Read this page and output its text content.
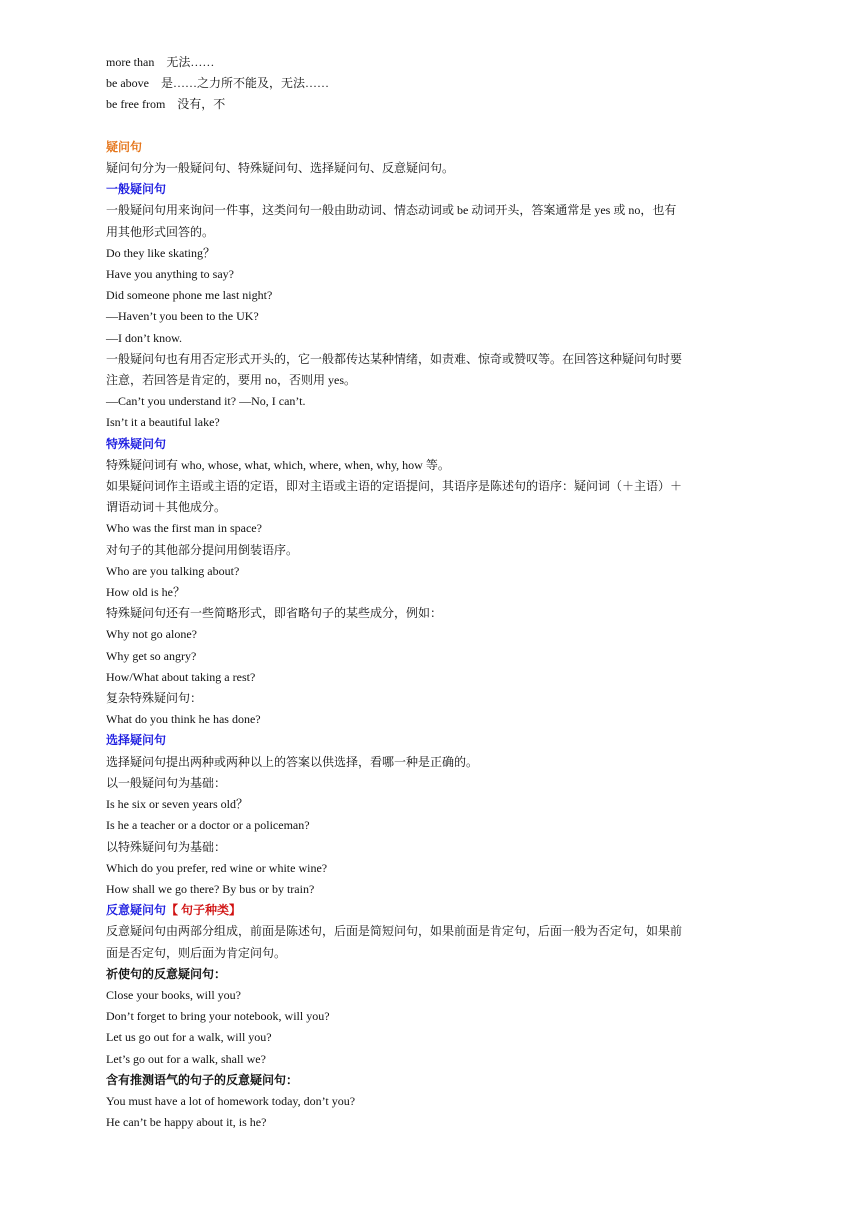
more than 无法……
be above 是……之力所不能及，无法……
be free from 没有，不
疑问句
疑问句分为一般疑问句、特殊疑问句、选择疑问句、反意疑问句。
一般疑问句
一般疑问句用来询问一件事，这类问句一般由助动词、情态动词或 be 动词开头，答案通常是 yes 或 no，也有用其他形式回答的。
Do they like skating？
Have you anything to say?
Did someone phone me last night?
—Haven’t you been to the UK?
—I don’t know.
一般疑问句也有用否定形式开头的，它一般都传达某种情绪，如责难、惊奇或赞叹等。在回答这种疑问句时要注意，若回答是肯定的，要用 no，否则用 yes。
—Can’t you understand it? —No, I can’t.
Isn’t it a beautiful lake?
特殊疑问句
特殊疑问词有 who, whose, what, which, where, when, why, how 等。
如果疑问词作主语或主语的定语，即对主语或主语的定语提问，其语序是陈述句的语序：疑问词（＋主语）＋谓语动词＋其他成分。
Who was the first man in space?
对句子的其他部分提问用倒装语序。
Who are you talking about?
How old is he？
特殊疑问句还有一些简略形式，即省略句子的某些成分，例如：
Why not go alone?
Why get so angry?
How/What about taking a rest?
复杂特殊疑问句：
What do you think he has done?
选择疑问句
选择疑问句提出两种或两种以上的答案以供选择，看哪一种是正确的。
以一般疑问句为基础：
Is he six or seven years old？
Is he a teacher or a doctor or a policeman?
以特殊疑问句为基础：
Which do you prefer, red wine or white wine?
How shall we go there? By bus or by train?
反意疑问句【 句子种类】
反意疑问句由两部分组成，前面是陈述句，后面是简短问句，如果前面是肯定句，后面一般为否定句，如果前面是否定句，则后面为肯定问句。
祈使句的反意疑问句：
Close your books, will you?
Don’t forget to bring your notebook, will you?
Let us go out for a walk, will you?
Let’s go out for a walk, shall we?
含有推测语气的句子的反意疑问句：
You must have a lot of homework today, don’t you?
He can’t be happy about it, is he?
